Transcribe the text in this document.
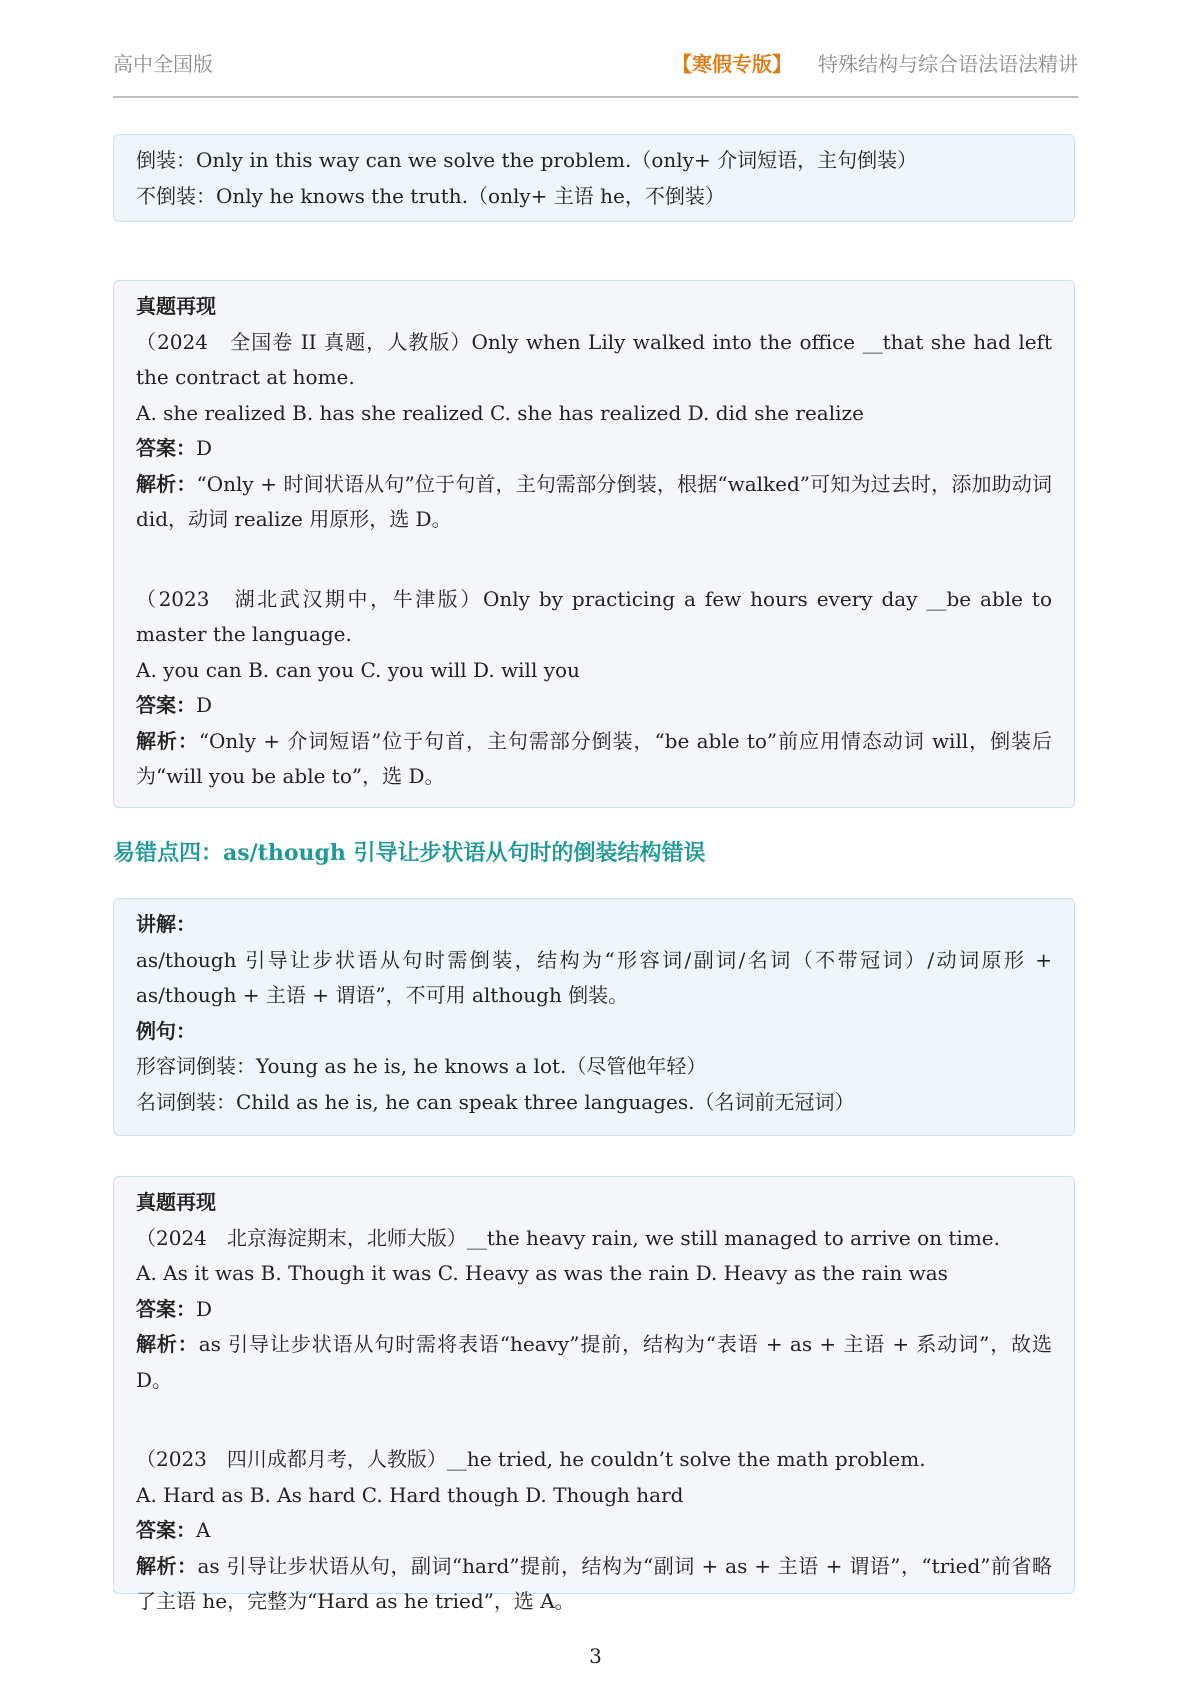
高中全国版	【寒假专版】 特殊结构与综合语法语法精讲

倒装：Only in this way can we solve the problem.（only+ 介词短语，主句倒装）

不倒装：Only he knows the truth.（only+ 主语 he，不倒装）

真题再现

（2024　全国卷 II 真题，人教版）Only when Lily walked into the office __that she had left the contract at home.

A. she realized B. has she realized C. she has realized D. did she realize

答案：D

解析：“Only + 时间状语从句”位于句首，主句需部分倒装，根据“walked”可知为过去时，添加助动词 did，动词 realize 用原形，选 D。

（2023　湖北武汉期中，牛津版）Only by practicing a few hours every day __be able to master the language.

A. you can B. can you C. you will D. will you

答案：D

解析：“Only + 介词短语”位于句首，主句需部分倒装，“be able to”前应用情态动词 will，倒装后为“will you be able to”，选 D。

易错点四：as/though 引导让步状语从句时的倒装结构错误

讲解：

as/though 引导让步状语从句时需倒装，结构为“形容词/副词/名词（不带冠词）/动词原形 + as/though + 主语 + 谓语”，不可用 although 倒装。

例句：

形容词倒装：Young as he is, he knows a lot.（尽管他年轻）

名词倒装：Child as he is, he can speak three languages.（名词前无冠词）

真题再现

（2024　北京海淀期末，北师大版）__the heavy rain, we still managed to arrive on time.

A. As it was B. Though it was C. Heavy as was the rain D. Heavy as the rain was

答案：D

解析：as 引导让步状语从句时需将表语“heavy”提前，结构为“表语 + as + 主语 + 系动词”，故选 D。

（2023　四川成都月考，人教版）__he tried, he couldn’t solve the math problem.

A. Hard as B. As hard C. Hard though D. Though hard

答案：A

解析：as 引导让步状语从句，副词“hard”提前，结构为“副词 + as + 主语 + 谓语”，“tried”前省略了主语 he，完整为“Hard as he tried”，选 A。

3
